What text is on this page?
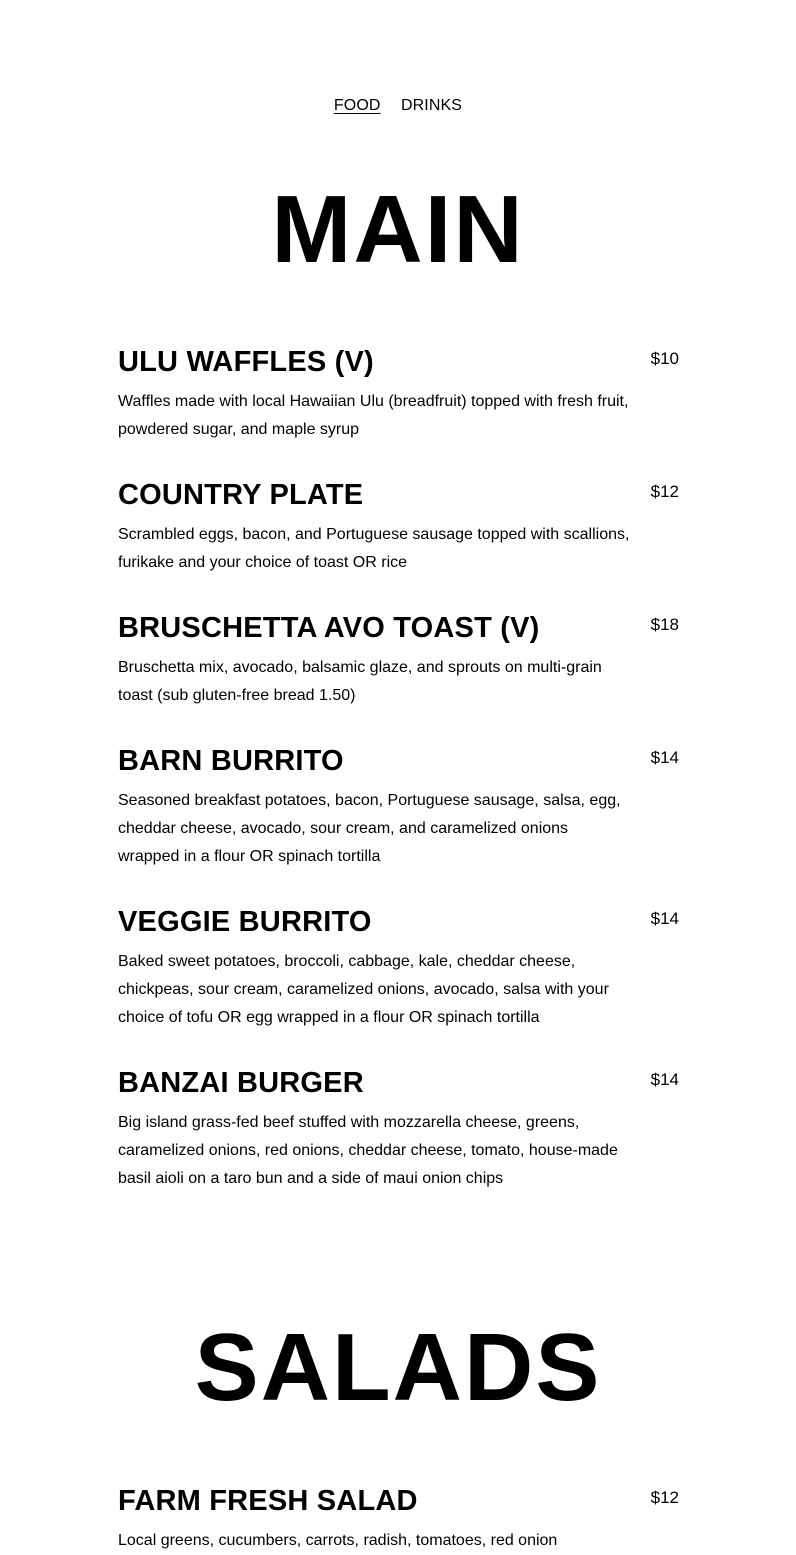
FOOD DRINKS
MAIN
ULU WAFFLES (V)	$10

Waffles made with local Hawaiian Ulu (breadfruit) topped with fresh fruit, powdered sugar, and maple syrup

COUNTRY PLATE	$12

Scrambled eggs, bacon, and Portuguese sausage topped with scallions, furikake and your choice of toast OR rice

BRUSCHETTA AVO TOAST (V)	$18

Bruschetta mix, avocado, balsamic glaze, and sprouts on multi-grain toast (sub gluten-free bread 1.50)

BARN BURRITO	$14

Seasoned breakfast potatoes, bacon, Portuguese sausage, salsa, egg, cheddar cheese, avocado, sour cream, and caramelized onions wrapped in a flour OR spinach tortilla

VEGGIE BURRITO	$14

Baked sweet potatoes, broccoli, cabbage, kale, cheddar cheese, chickpeas, sour cream, caramelized onions, avocado, salsa with your choice of tofu OR egg wrapped in a flour OR spinach tortilla

BANZAI BURGER	$14

Big island grass-fed beef stuffed with mozzarella cheese, greens, caramelized onions, red onions, cheddar cheese, tomato, house-made basil aioli on a taro bun and a side of maui onion chips

SALADS
FARM FRESH SALAD	$12

Local greens, cucumbers, carrots, radish, tomatoes, red onion
